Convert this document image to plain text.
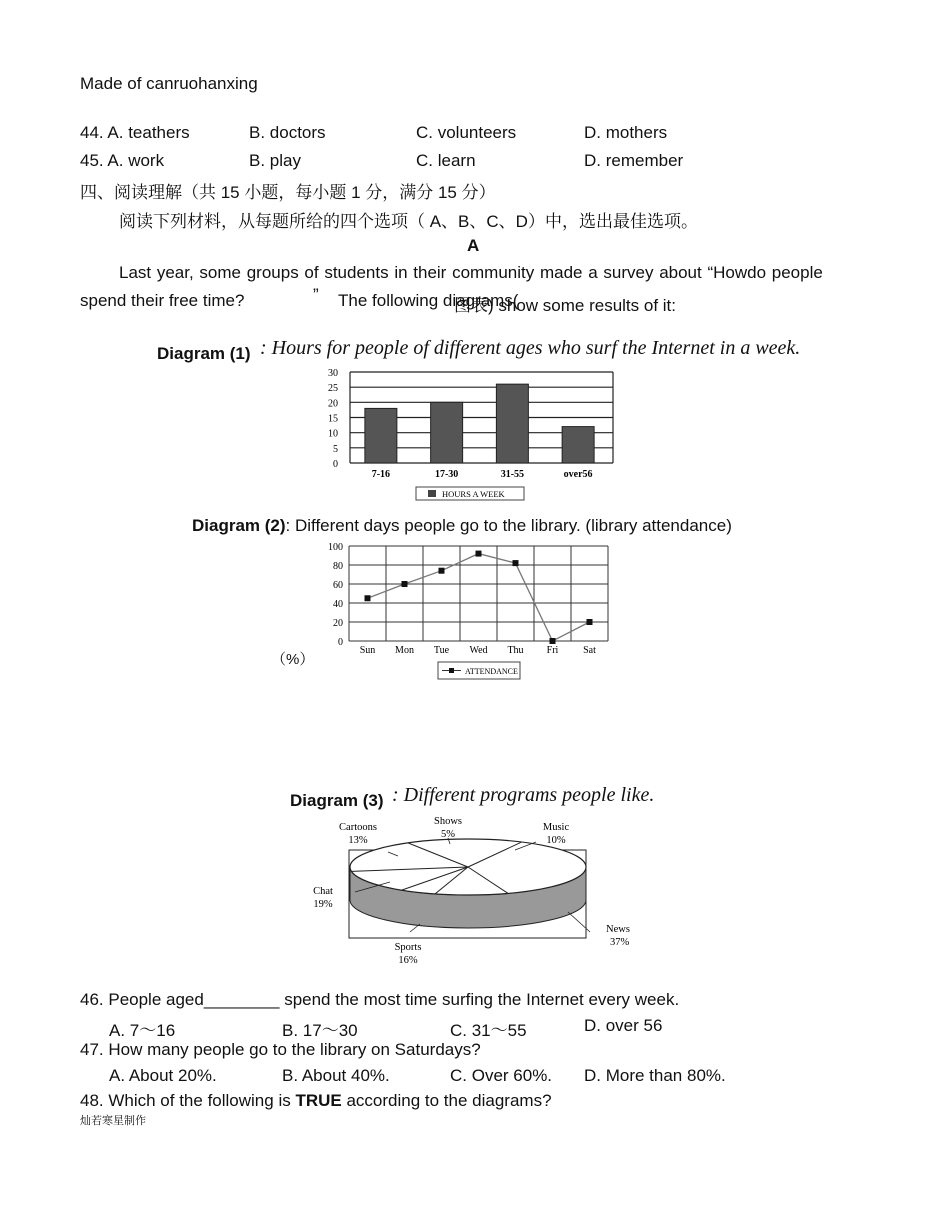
Made of canruohanxing
44. A. teathers	B. doctors	C. volunteers	D. mothers
45. A. work	B. play	C. learn	D. remember
四、阅读理解（共 15 小题，每小题 1 分，满分 15 分）
阅读下列材料，从每题所给的四个选项（ A、B、C、D）中，选出最佳选项。
A
Last year, some groups of students in their community made a survey about “Howdo people
spend their free time?	” The following diagrams(
图表) show some results of it:
Diagram (1) : Hours for people of different ages who surf the Internet in a week.
0
5
10
15
20
25
30
7-16	17-30	31-55	over56
HOURS A WEEK
Diagram (2): Different days people go to the library. (library attendance)
（%）
0
20
40
60
80
100
Sun Mon Tue Wed Thu Fri Sat
ATTENDANCE
Diagram (3) : Different programs people like.
News
37%
Music
10%
Shows
5%
Cartoons
13%
Chat
19%
Sports
16%
46. People aged________ spend the most time surfing the Internet every week.
A. 7～16	B. 17～30	C. 31～55	D. over 56
47. How many people go to the library on Saturdays?
A. About 20%.	B. About 40%.	C. Over 60%. D. More than 80%.
48. Which of the following is TRUE according to the diagrams?
灿若寒星制作
